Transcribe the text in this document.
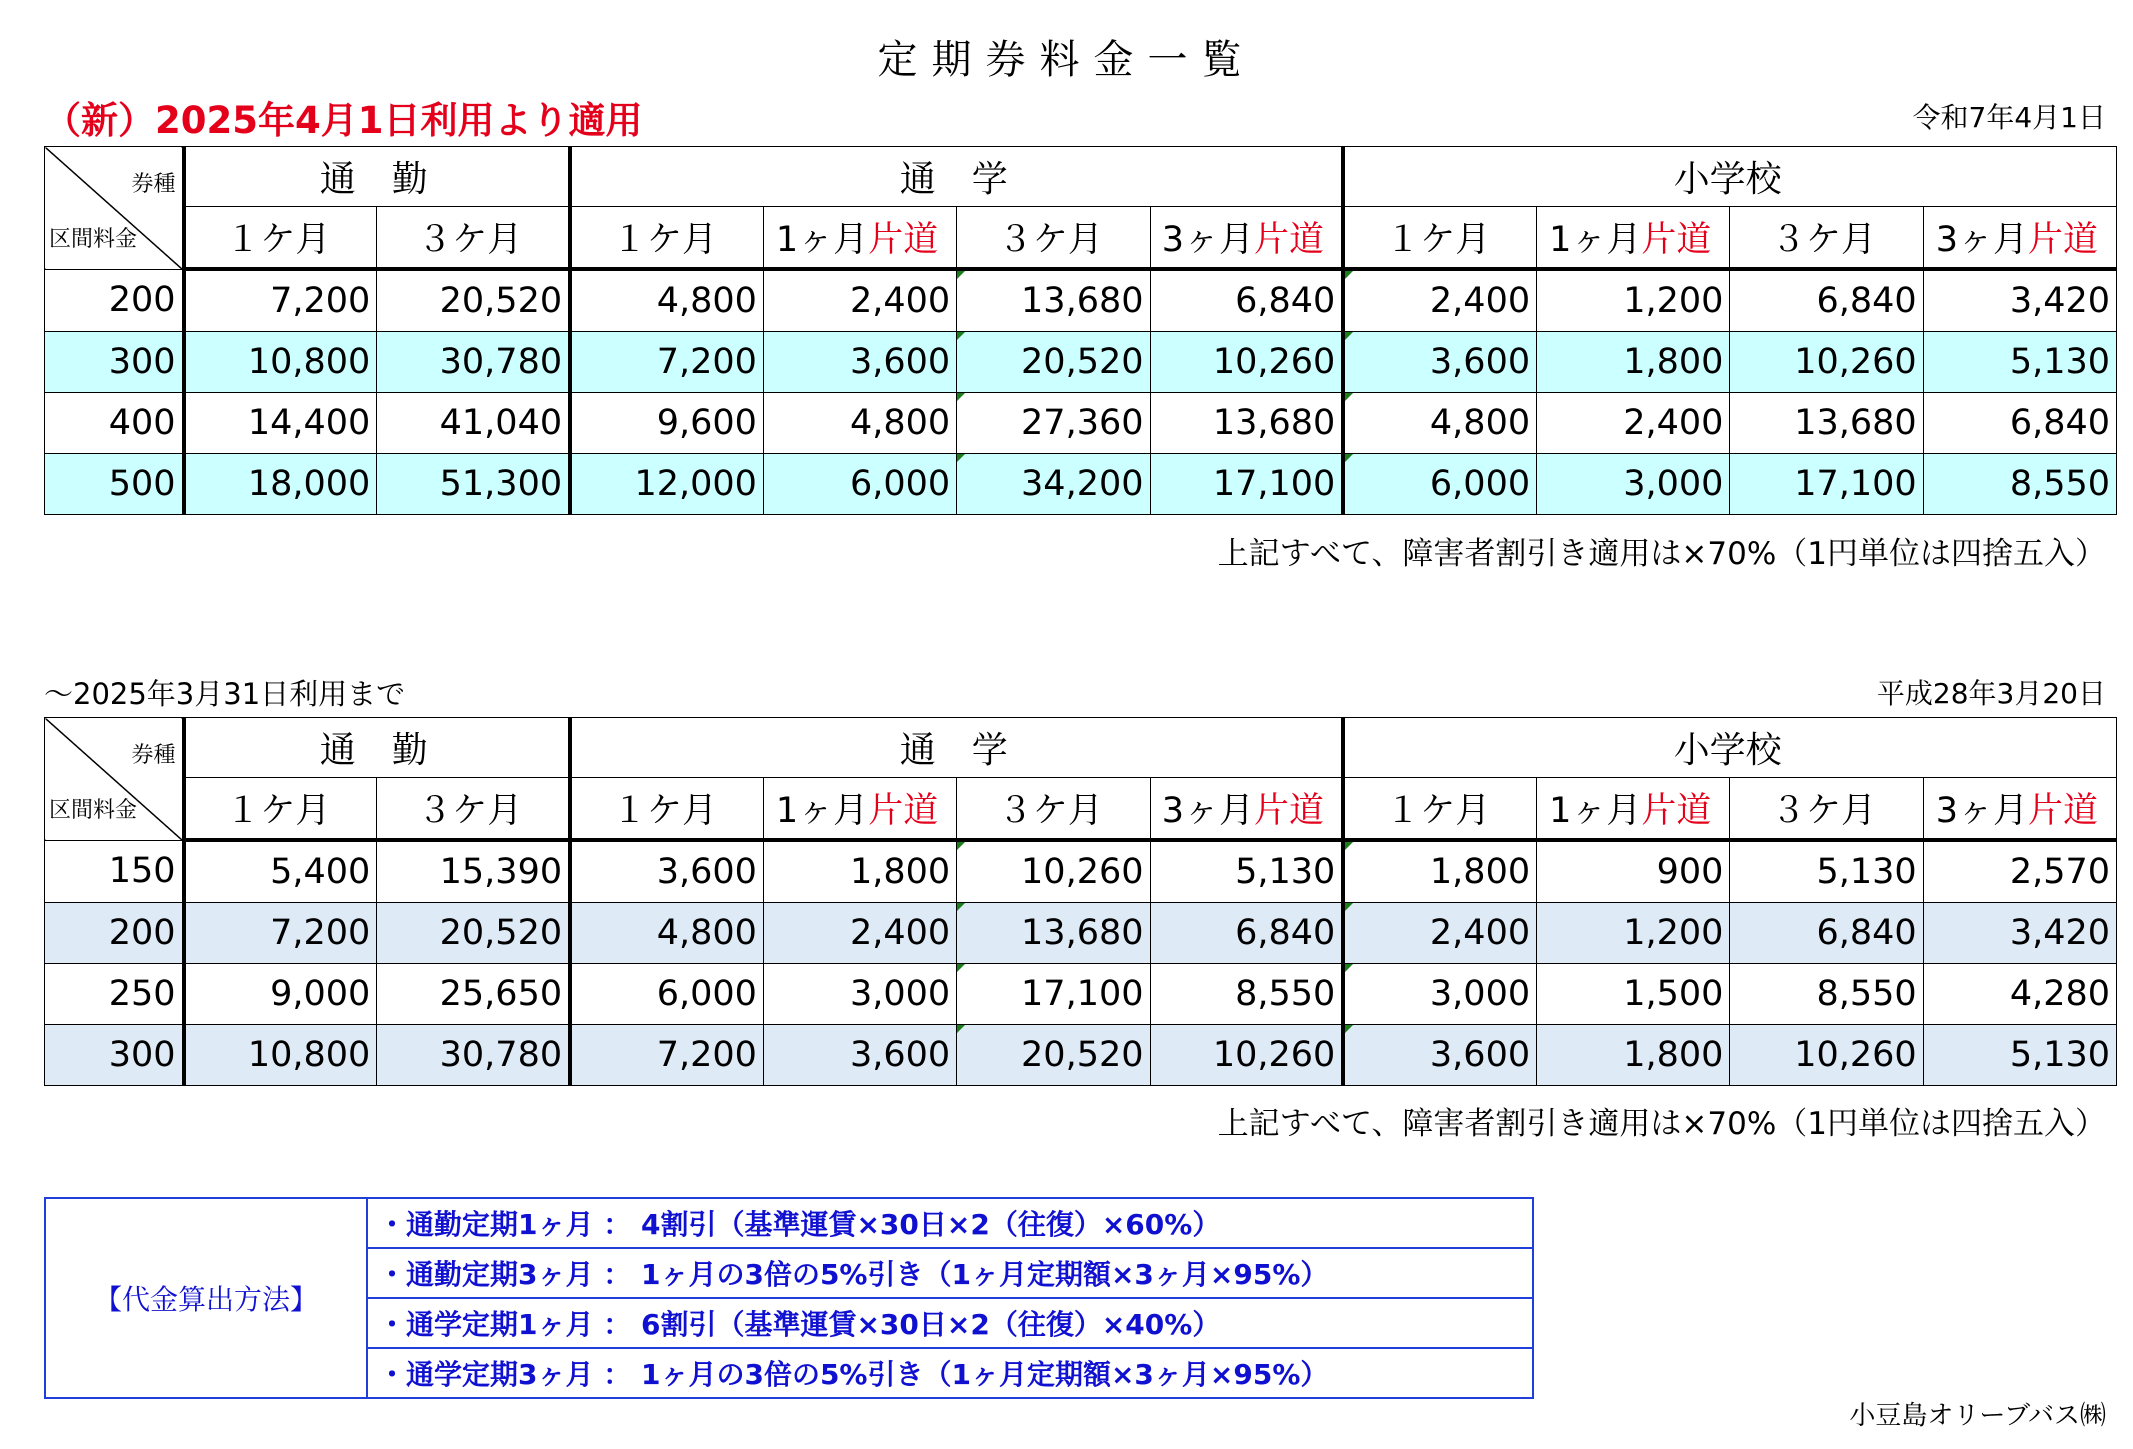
定期券料金一覧
（新）2025年4月1日利用より適用	令和7年4月1日
券種
区間料金	通　勤		通　学				小学校			
	１ケ月	３ケ月	１ケ月	1ヶ月片道	３ケ月	3ヶ月片道	１ケ月	1ヶ月片道	３ケ月	3ヶ月片道
200	7,200	20,520	4,800	2,400	13,680	6,840	2,400	1,200	6,840	3,420
300	10,800	30,780	7,200	3,600	20,520	10,260	3,600	1,800	10,260	5,130
400	14,400	41,040	9,600	4,800	27,360	13,680	4,800	2,400	13,680	6,840
500	18,000	51,300	12,000	6,000	34,200	17,100	6,000	3,000	17,100	8,550
上記すべて、障害者割引き適用は×70%（1円単位は四捨五入）
～2025年3月31日利用まで	平成28年3月20日
券種
区間料金	通　勤		通　学				小学校			
	１ケ月	３ケ月	１ケ月	1ヶ月片道	３ケ月	3ヶ月片道	１ケ月	1ヶ月片道	３ケ月	3ヶ月片道
150	5,400	15,390	3,600	1,800	10,260	5,130	1,800	900	5,130	2,570
200	7,200	20,520	4,800	2,400	13,680	6,840	2,400	1,200	6,840	3,420
250	9,000	25,650	6,000	3,000	17,100	8,550	3,000	1,500	8,550	4,280
300	10,800	30,780	7,200	3,600	20,520	10,260	3,600	1,800	10,260	5,130
上記すべて、障害者割引き適用は×70%（1円単位は四捨五入）
【代金算出方法】	・通勤定期1ヶ月 ： 4割引（基準運賃×30日×2（往復）×60%）
・通勤定期3ヶ月 ： 1ヶ月の3倍の5%引き（1ヶ月定期額×3ヶ月×95%）
・通学定期1ヶ月 ： 6割引（基準運賃×30日×2（往復）×40%）
・通学定期3ヶ月 ： 1ヶ月の3倍の5%引き（1ヶ月定期額×3ヶ月×95%）
小豆島オリーブバス㈱
